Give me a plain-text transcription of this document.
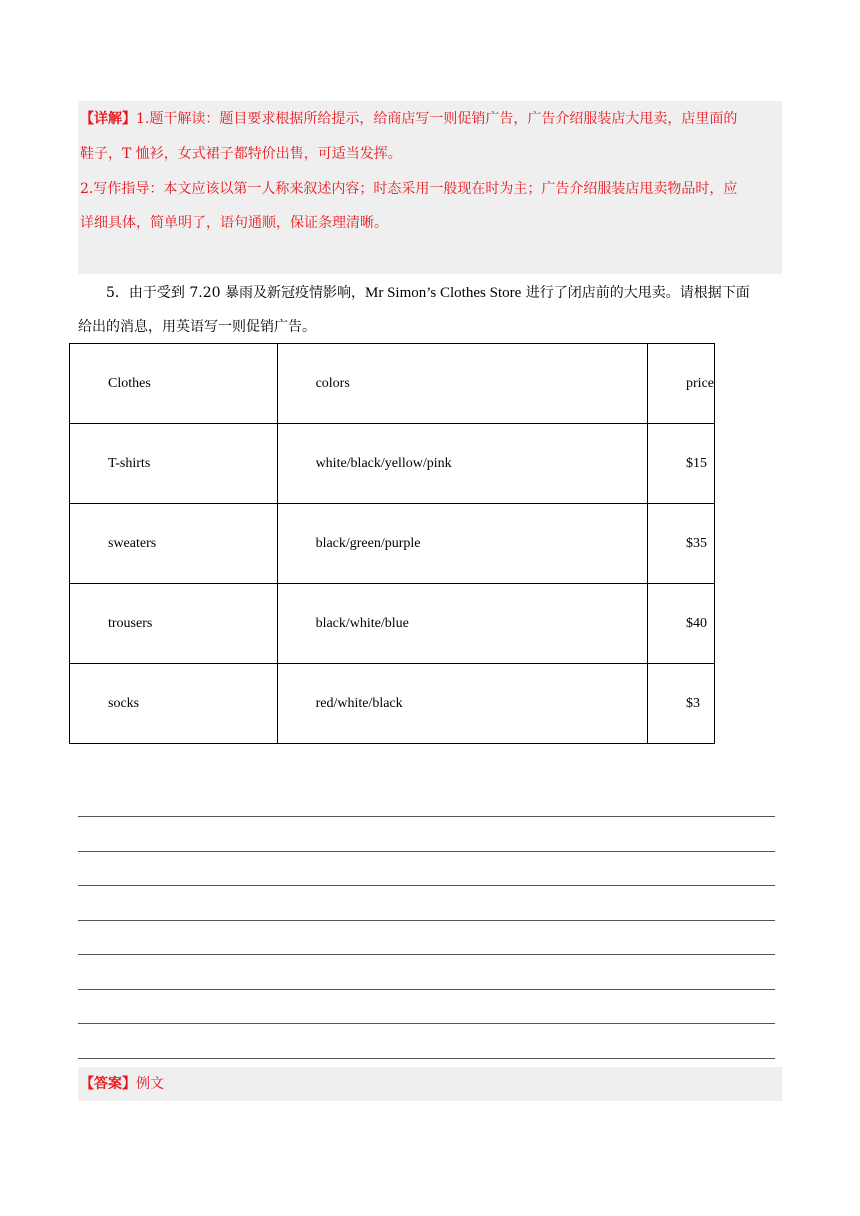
【详解】1.题干解读：题目要求根据所给提示，给商店写一则促销广告，广告介绍服装店大甩卖，店里面的
鞋子，T 恤衫，女式裙子都特价出售，可适当发挥。
2.写作指导：本文应该以第一人称来叙述内容；时态采用一般现在时为主；广告介绍服装店甩卖物品时，应
详细具体，简单明了，语句通顺，保证条理清晰。
5．由于受到 7.20 暴雨及新冠疫情影响，Mr Simon’s Clothes Store 进行了闭店前的大甩卖。请根据下面
给出的消息，用英语写一则促销广告。
Clothes	colors	price
T-shirts	white/black/yellow/pink	$15
sweaters	black/green/purple	$35
trousers	black/white/blue	$40
socks	red/white/black	$3
【答案】例文
